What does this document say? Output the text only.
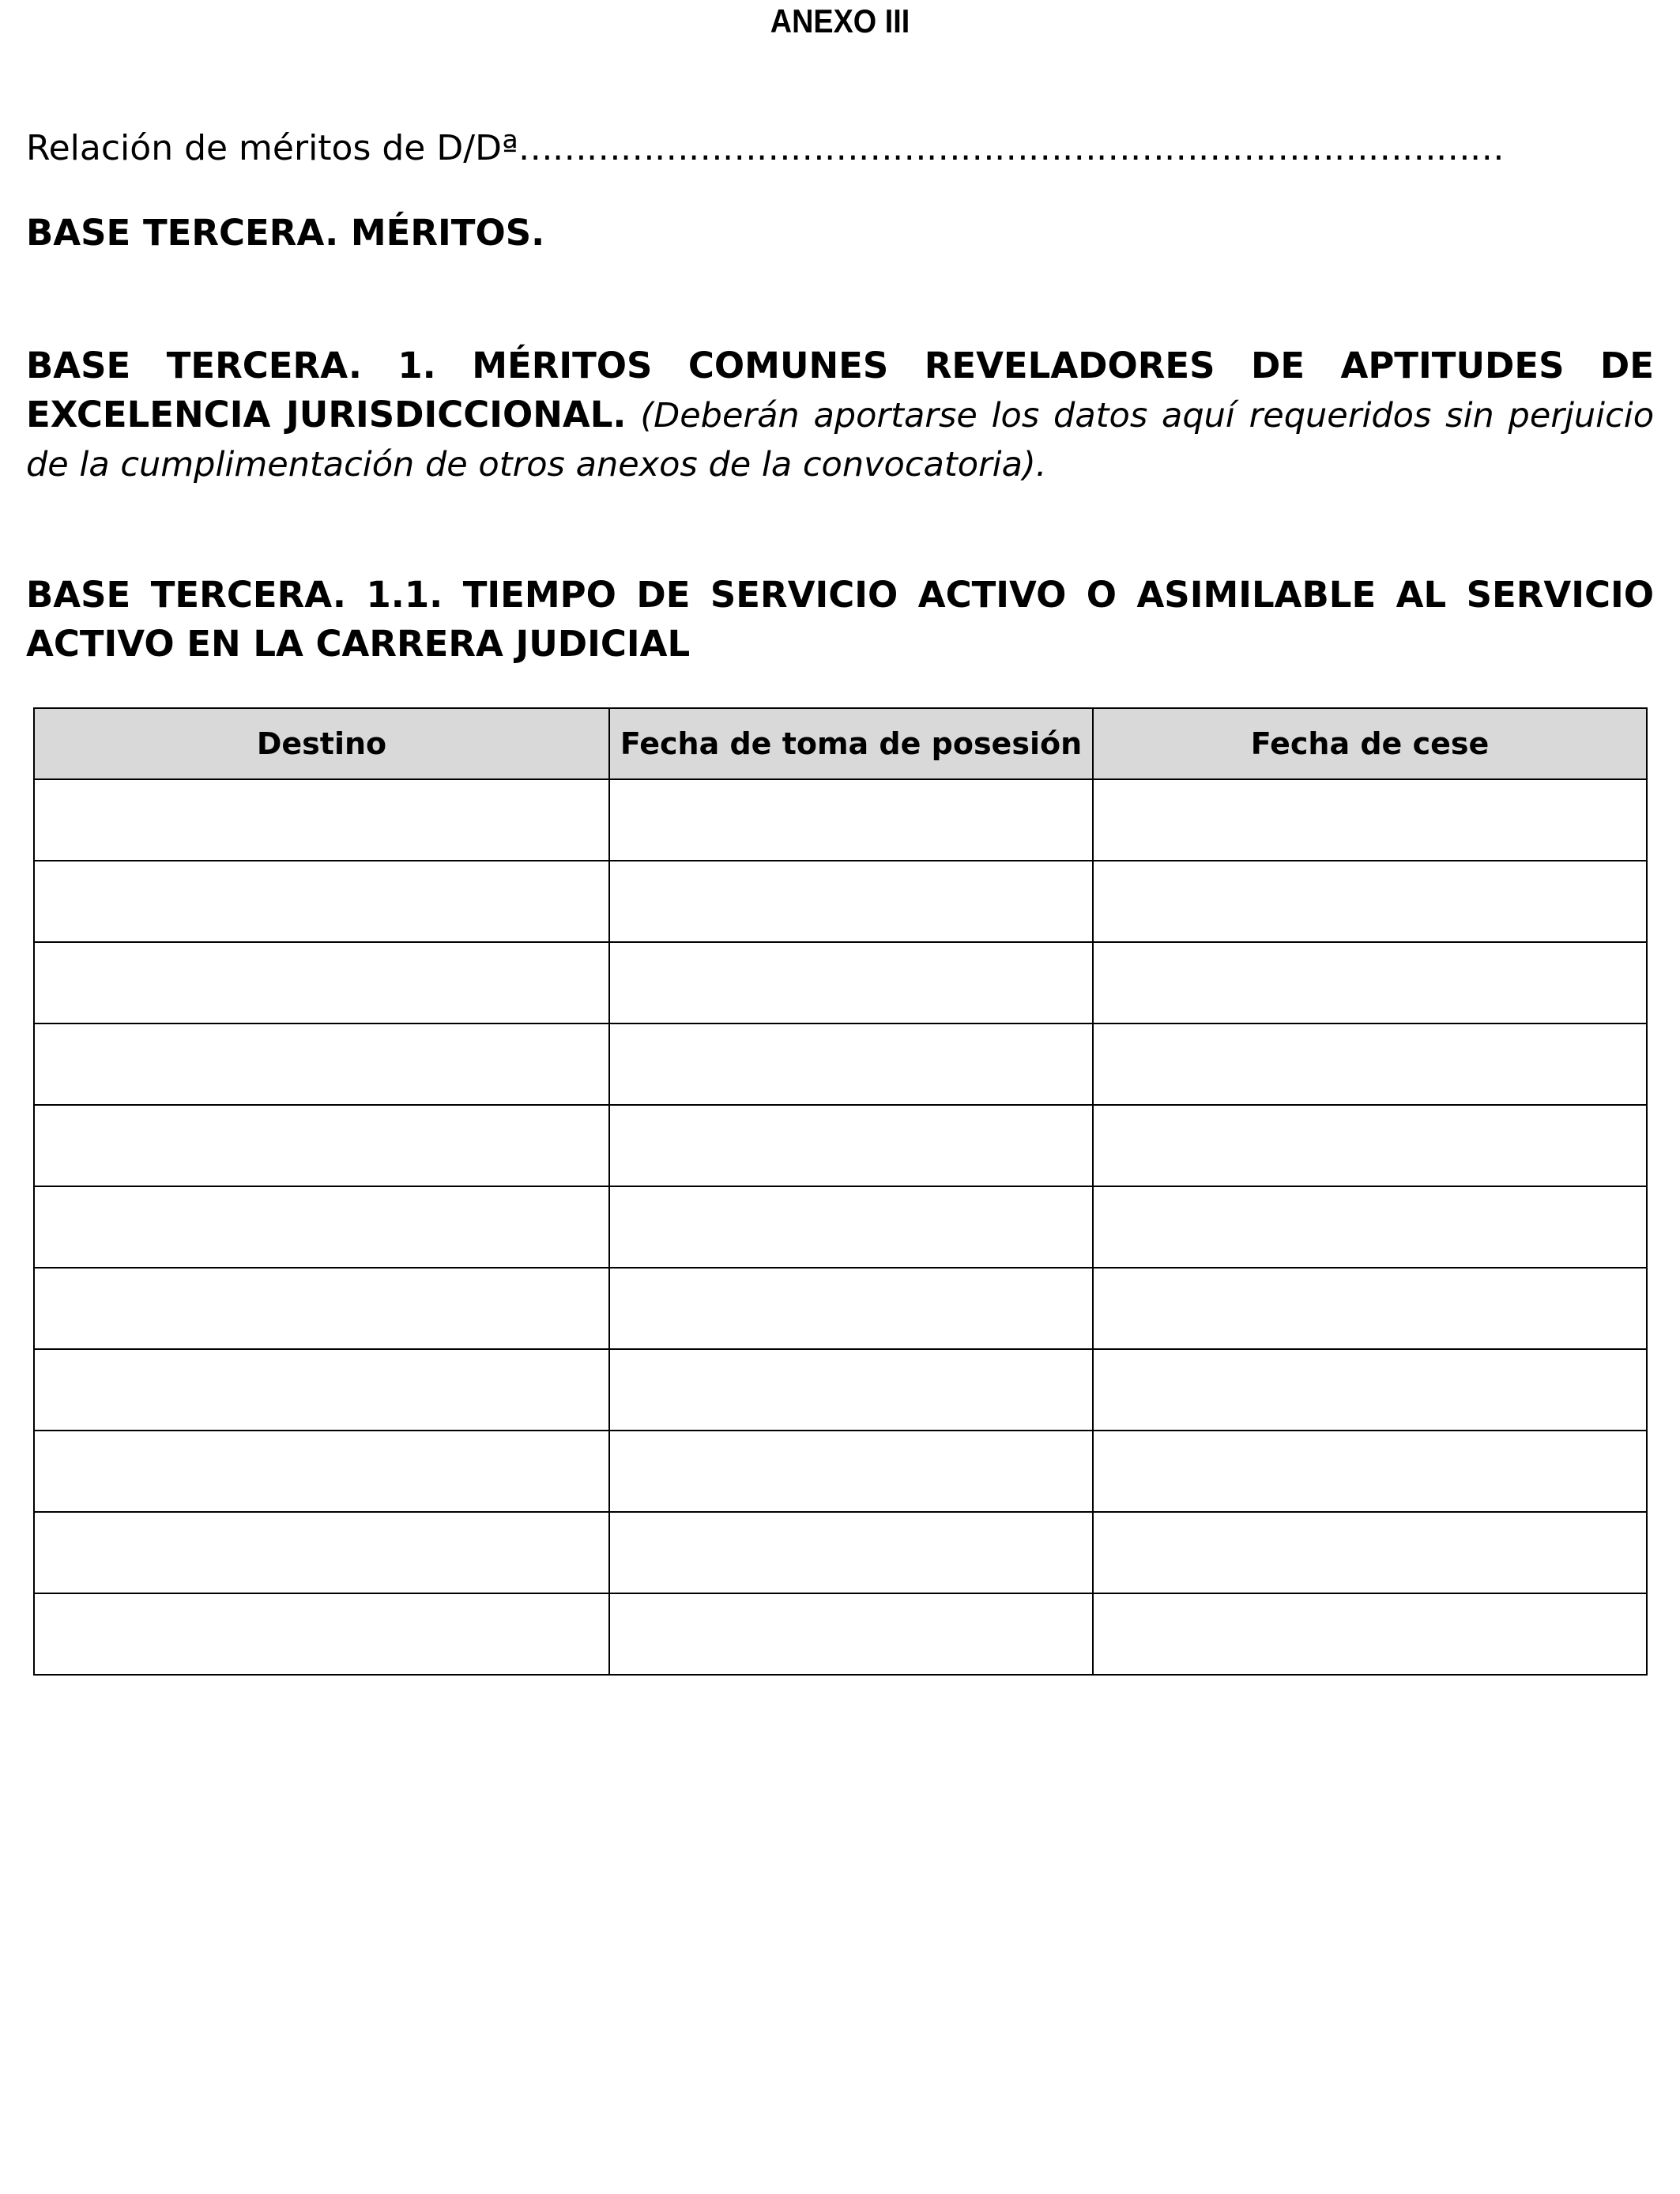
ANEXO III
Relación de méritos de D/Dª……………………………………………………………………………
BASE TERCERA. MÉRITOS.
BASE TERCERA. 1. MÉRITOS COMUNES REVELADORES DE APTITUDES DE
EXCELENCIA JURISDICCIONAL. (Deberán aportarse los datos aquí requeridos sin perjuicio de la cumplimentación de otros anexos de la convocatoria).
BASE TERCERA. 1.1. TIEMPO DE SERVICIO ACTIVO O ASIMILABLE AL SERVICIO ACTIVO EN LA CARRERA JUDICIAL
Destino	Fecha de toma de posesión	Fecha de cese
